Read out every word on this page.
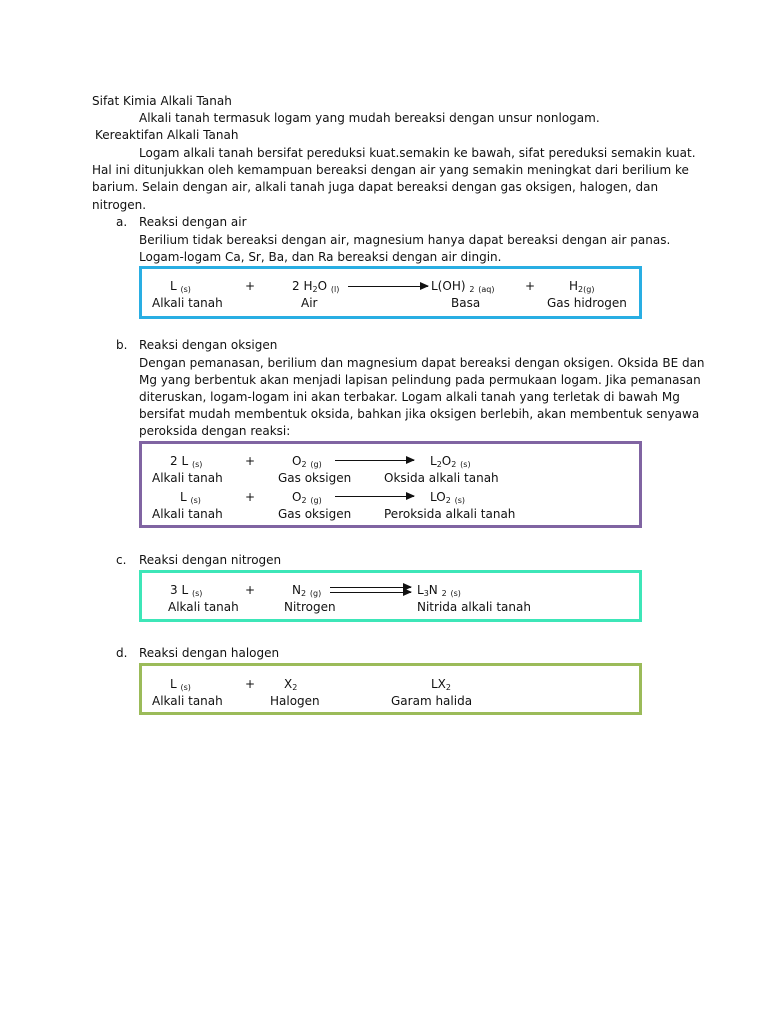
Sifat Kimia Alkali Tanah
Alkali tanah termasuk logam yang mudah bereaksi dengan unsur nonlogam.
Kereaktifan Alkali Tanah
Logam alkali tanah bersifat pereduksi kuat.semakin ke bawah, sifat pereduksi semakin kuat.
Hal ini ditunjukkan oleh kemampuan bereaksi dengan air yang semakin meningkat dari berilium ke
barium. Selain dengan air, alkali tanah juga dapat bereaksi dengan gas oksigen, halogen, dan
nitrogen.
a. Reaksi dengan air
Berilium tidak bereaksi dengan air, magnesium hanya dapat bereaksi dengan air panas.
Logam-logam Ca, Sr, Ba, dan Ra bereaksi dengan air dingin.
L $_{(s)}$	+	2 $H_2O$ $_{(l)}$	L(OH) $_2$ $_{(aq)}$	+	$H_{2(g)}$
Alkali tanah	Air	Basa	Gas hidrogen
b. Reaksi dengan oksigen
Dengan pemanasan, berilium dan magnesium dapat bereaksi dengan oksigen. Oksida BE dan
Mg yang berbentuk akan menjadi lapisan pelindung pada permukaan logam. Jika pemanasan
diteruskan, logam-logam ini akan terbakar. Logam alkali tanah yang terletak di bawah Mg
bersifat mudah membentuk oksida, bahkan jika oksigen berlebih, akan membentuk senyawa
peroksida dengan reaksi:
2 L $_{(s)}$	+	$O_2$ $_{(g)}$	$L_2O_2$ $_{(s)}$
Alkali tanah	Gas oksigen	Oksida alkali tanah
L $_{(s)}$	+	$O_2$ $_{(g)}$	$LO_2$ $_{(s)}$
Alkali tanah	Gas oksigen	Peroksida alkali tanah
c. Reaksi dengan nitrogen
3 L $_{(s)}$	+	$N_2$ $_{(g)}$	$L_3N$ $_2$ $_{(s)}$
Alkali tanah	Nitrogen	Nitrida alkali tanah
d. Reaksi dengan halogen
L $_{(s)}$	+ $X_2$	$LX_2$
Alkali tanah	Halogen	Garam halida
